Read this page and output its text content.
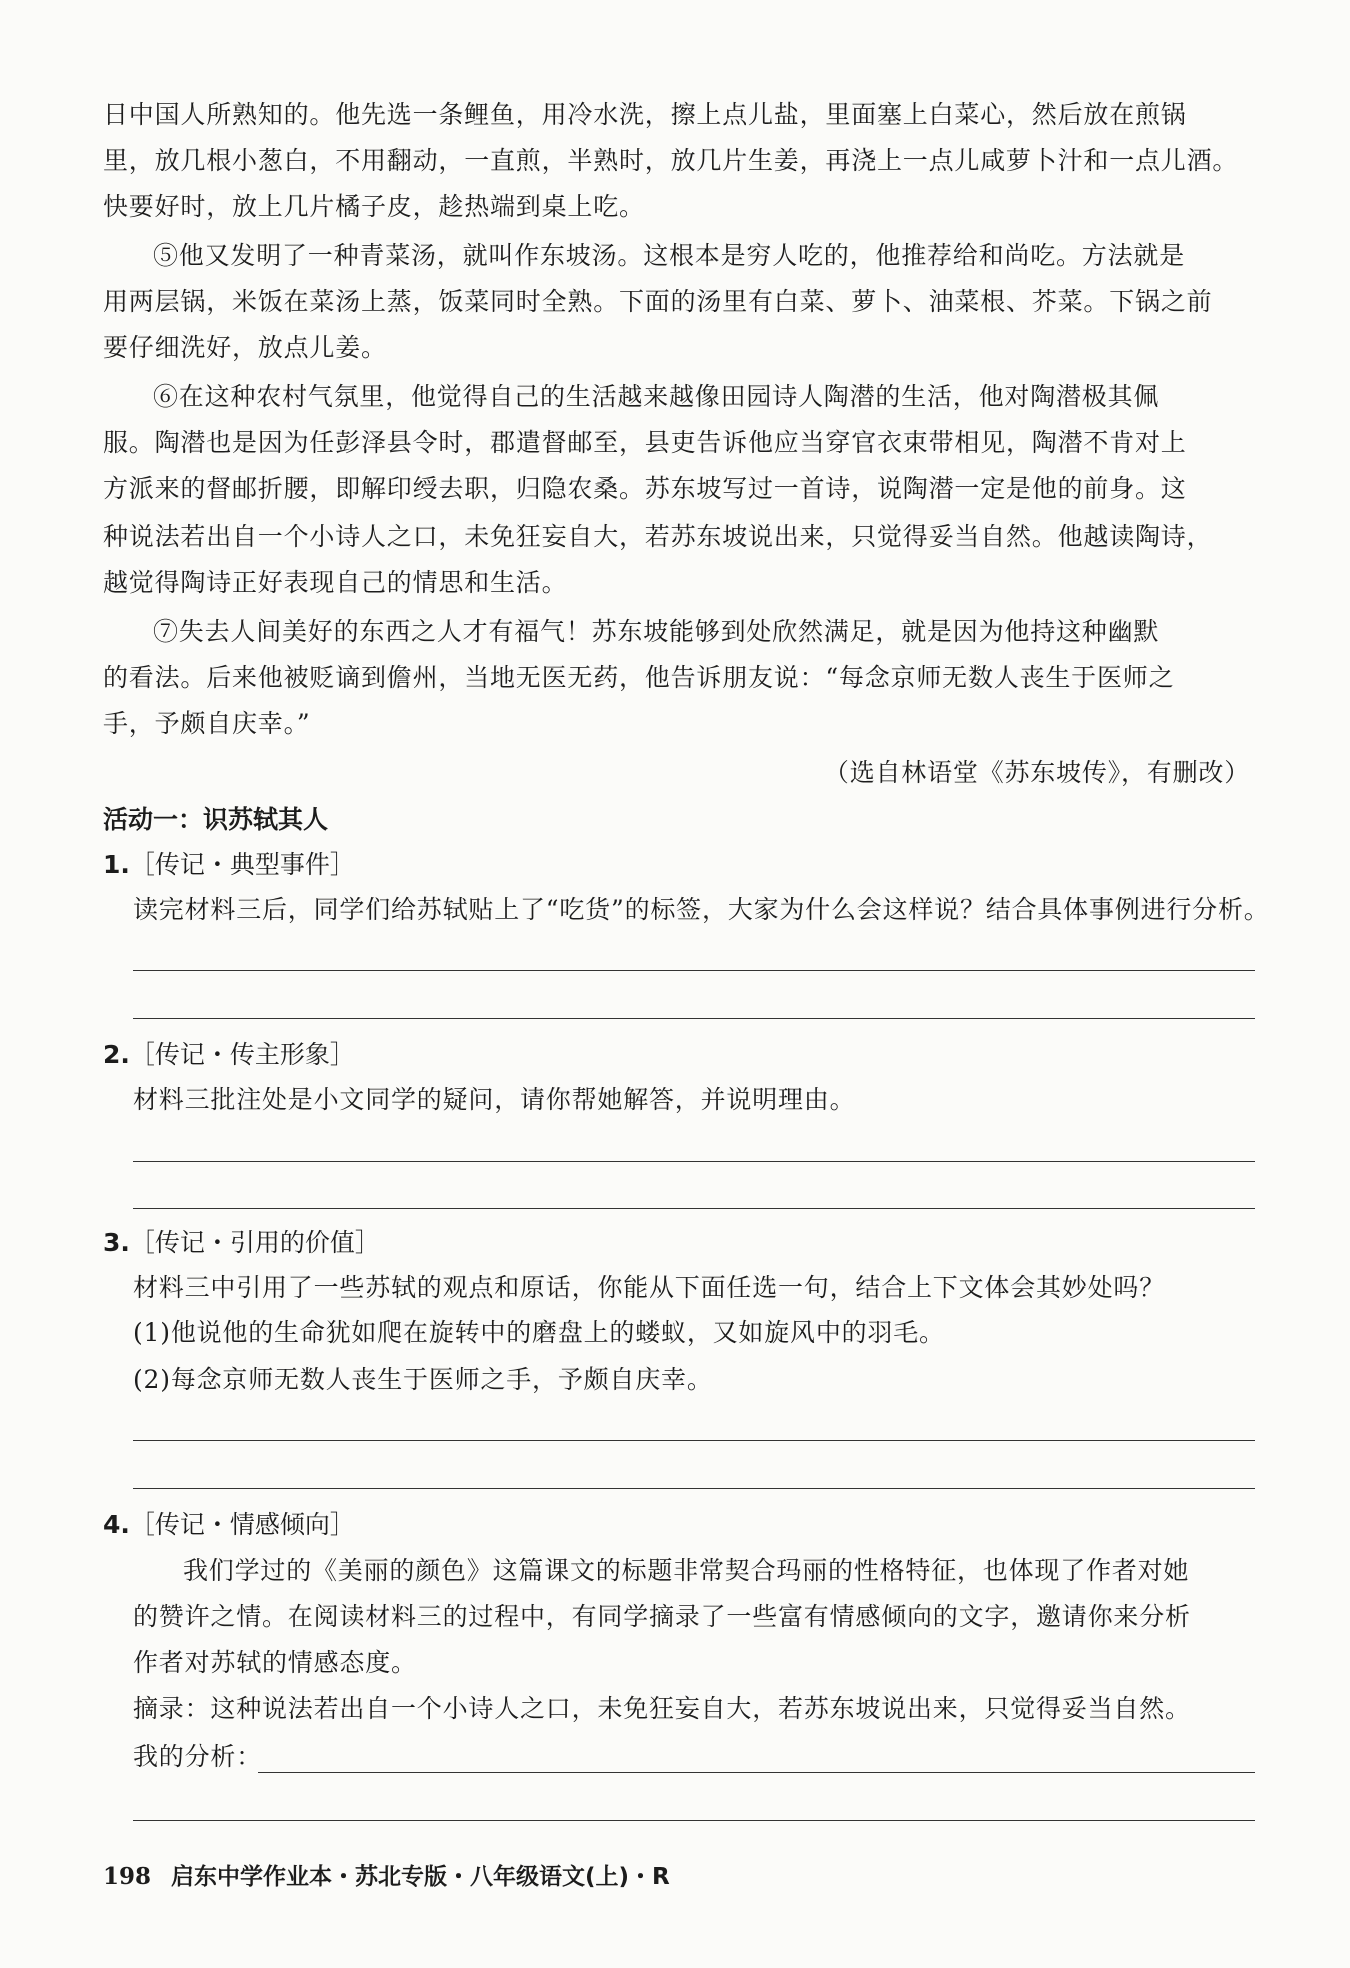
日中国人所熟知的。他先选一条鲤鱼，用冷水洗，擦上点儿盐，里面塞上白菜心，然后放在煎锅
里，放几根小葱白，不用翻动，一直煎，半熟时，放几片生姜，再浇上一点儿咸萝卜汁和一点儿酒。
快要好时，放上几片橘子皮，趁热端到桌上吃。
⑤他又发明了一种青菜汤，就叫作东坡汤。这根本是穷人吃的，他推荐给和尚吃。方法就是
用两层锅，米饭在菜汤上蒸，饭菜同时全熟。下面的汤里有白菜、萝卜、油菜根、芥菜。下锅之前
要仔细洗好，放点儿姜。
⑥在这种农村气氛里，他觉得自己的生活越来越像田园诗人陶潜的生活，他对陶潜极其佩
服。陶潜也是因为任彭泽县令时，郡遣督邮至，县吏告诉他应当穿官衣束带相见，陶潜不肯对上
方派来的督邮折腰，即解印绶去职，归隐农桑。苏东坡写过一首诗，说陶潜一定是他的前身。这
种说法若出自一个小诗人之口，未免狂妄自大，若苏东坡说出来，只觉得妥当自然。他越读陶诗，
越觉得陶诗正好表现自己的情思和生活。
⑦失去人间美好的东西之人才有福气！苏东坡能够到处欣然满足，就是因为他持这种幽默
的看法。后来他被贬谪到儋州，当地无医无药，他告诉朋友说：“每念京师无数人丧生于医师之
手，予颇自庆幸。”
（选自林语堂《苏东坡传》，有删改）
活动一：识苏轼其人
1.［传记・典型事件］
读完材料三后，同学们给苏轼贴上了“吃货”的标签，大家为什么会这样说？结合具体事例进行分析。
2.［传记・传主形象］
材料三批注处是小文同学的疑问，请你帮她解答，并说明理由。
3.［传记・引用的价值］
材料三中引用了一些苏轼的观点和原话，你能从下面任选一句，结合上下文体会其妙处吗？
(1)他说他的生命犹如爬在旋转中的磨盘上的蝼蚁，又如旋风中的羽毛。
(2)每念京师无数人丧生于医师之手，予颇自庆幸。
4.［传记・情感倾向］
我们学过的《美丽的颜色》这篇课文的标题非常契合玛丽的性格特征，也体现了作者对她
的赞许之情。在阅读材料三的过程中，有同学摘录了一些富有情感倾向的文字，邀请你来分析
作者对苏轼的情感态度。
摘录：这种说法若出自一个小诗人之口，未免狂妄自大，若苏东坡说出来，只觉得妥当自然。
我的分析：
198 启东中学作业本・苏北专版・八年级语文(上)・R
